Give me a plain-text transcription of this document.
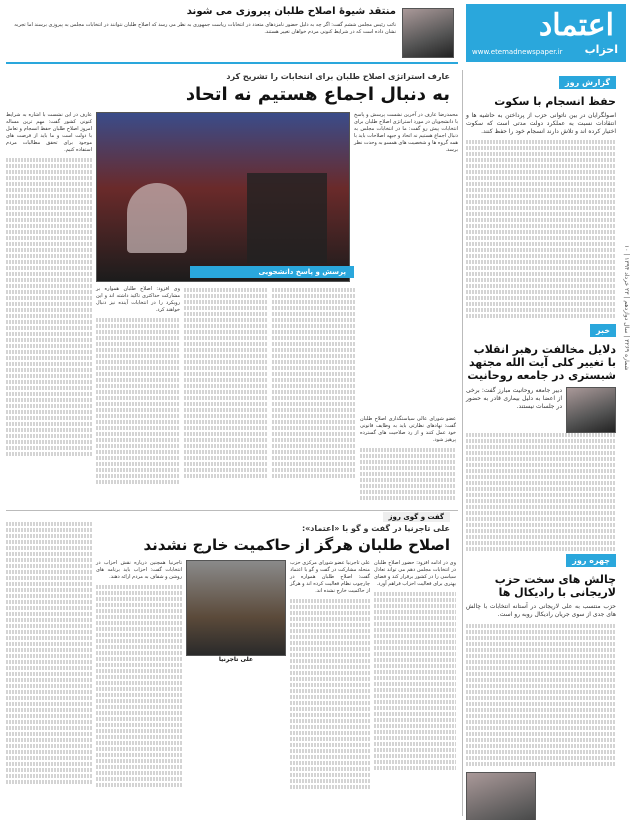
اعتماد
احزاب
www.etemadnewspaper.ir
شماره ۳۲۶۹ | سال دوازدهم | ۲۳ خرداد ۱۳۹۴ | ۱۰
گزارش روز
حفظ انسجام با سکوت
اصولگرایان در بین ناتوانی حزب از پرداختن به حاشیه ها و انتقادات نسبت به عملکرد دولت مدتی است که سکوت اختیار کرده اند و تلاش دارند انسجام خود را حفظ کنند.
خبر
دلایل مخالفت رهبر انقلاب با تغییر کلی آیت الله مجتهد شبستری در جامعه روحانیت
دبیر جامعه روحانیت مبارز گفت: برخی از اعضا به دلیل بیماری قادر به حضور در جلسات نیستند.
چهره روز
چالش های سخت حزب لاریجانی با رادیکال ها
حزب منتسب به علی لاریجانی در آستانه انتخابات با چالش های جدی از سوی جریان رادیکال روبه رو است.
منتقد شیوهٔ اصلاح طلبان پیروزی می شوند
نائب رئیس مجلس ششم گفت: اگر چه به دلیل حضور نامزدهای متعدد در انتخابات ریاست جمهوری به نظر می رسد که اصلاح طلبان نتوانند در انتخابات مجلس به پیروزی برسند اما تجربه نشان داده است که در شرایط کنونی مردم خواهان تغییر هستند.
عارف استراتژی اصلاح طلبان برای انتخابات را تشریح کرد
به دنبال اجماع هستیم نه اتحاد
محمدرضا عارف در آخرین نشست پرسش و پاسخ با دانشجویان در مورد استراتژی اصلاح طلبان برای انتخابات پیش رو گفت: ما در انتخابات مجلس به دنبال اجماع هستیم نه اتحاد و جبهه اصلاحات باید با همه گروه ها و شخصیت های همسو به وحدت نظر برسد.
پرسش و پاسخ دانشجویی
عارف در این نشست با اشاره به شرایط کنونی کشور گفت: مهم ترین مساله امروز اصلاح طلبان حفظ انسجام و تعامل با دولت است و ما باید از فرصت های موجود برای تحقق مطالبات مردم استفاده کنیم.
وی افزود: اصلاح طلبان همواره بر مشارکت حداکثری تاکید داشته اند و این رویکرد را در انتخابات آینده نیز دنبال خواهند کرد.
عضو شورای عالی سیاستگذاری اصلاح طلبان گفت: نهادهای نظارتی باید به وظایف قانونی خود عمل کنند و از رد صلاحیت های گسترده پرهیز شود.
گفت و گوی روز
علی تاجرنیا در گفت و گو با «اعتماد»:
اصلاح طلبان هرگز از حاکمیت خارج نشدند
علی تاجرنیا
علی تاجرنیا عضو شورای مرکزی حزب منحله مشارکت در گفت و گو با اعتماد گفت: اصلاح طلبان همواره در چارچوب نظام فعالیت کرده اند و هرگز از حاکمیت خارج نشده اند.
وی در ادامه افزود: حضور اصلاح طلبان در انتخابات مجلس دهم می تواند تعادل سیاسی را در کشور برقرار کند و فضای بهتری برای فعالیت احزاب فراهم آورد.
تاجرنیا همچنین درباره نقش احزاب در انتخابات گفت: احزاب باید برنامه های روشن و شفاف به مردم ارائه دهند.
